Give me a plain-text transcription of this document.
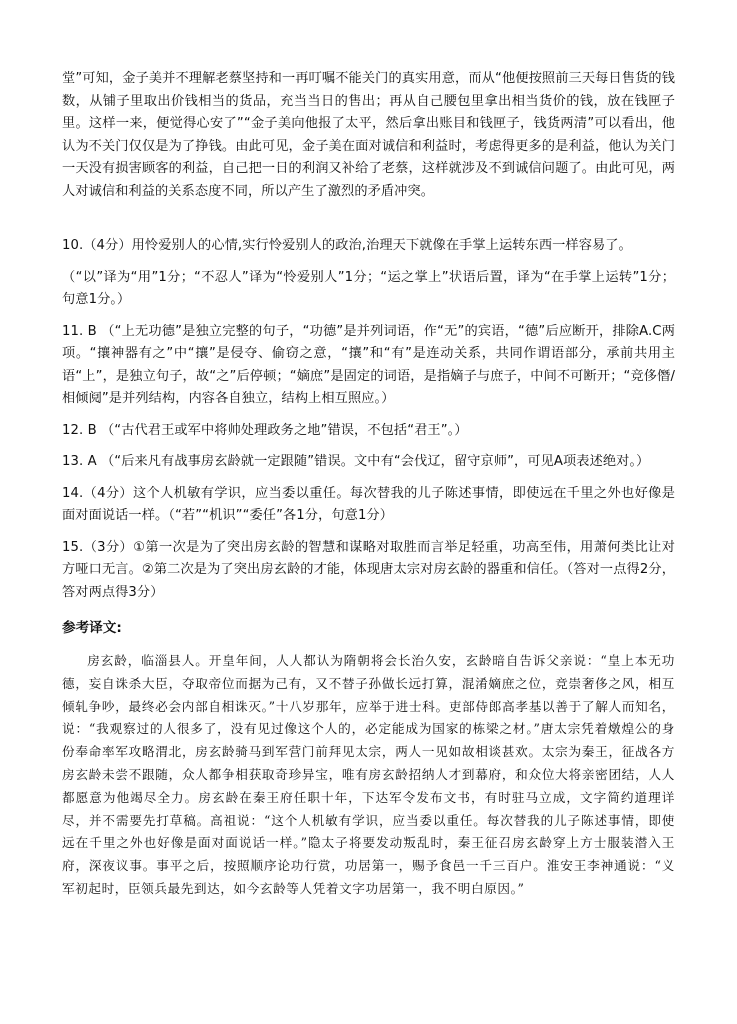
堂”可知，金子美并不理解老蔡坚持和一再叮嘱不能关门的真实用意，而从“他便按照前三天每日售货的钱数，从铺子里取出价钱相当的货品，充当当日的售出；再从自己腰包里拿出相当货价的钱，放在钱匣子里。这样一来，便觉得心安了”“金子美向他报了太平，然后拿出账目和钱匣子，钱货两清”可以看出，他认为不关门仅仅是为了挣钱。由此可见，金子美在面对诚信和利益时，考虑得更多的是利益，他认为关门一天没有损害顾客的利益，自己把一日的利润又补给了老蔡，这样就涉及不到诚信问题了。由此可见，两人对诚信和利益的关系态度不同，所以产生了激烈的矛盾冲突。

10.（4分）用怜爱别人的心情,实行怜爱别人的政治,治理天下就像在手掌上运转东西一样容易了。

（“以”译为“用”1分；“不忍人”译为“怜爱别人”1分；“运之掌上”状语后置，译为“在手掌上运转”1分；句意1分。）

11. B （“上无功德”是独立完整的句子，“功德”是并列词语，作“无”的宾语，“德”后应断开，排除A.C两项。“攘神器有之”中“攘”是侵夺、偷窃之意，“攘”和“有”是连动关系，共同作谓语部分，承前共用主语“上”，是独立句子，故“之”后停顿；“嫡庶”是固定的词语，是指嫡子与庶子，中间不可断开；“竞侈僭/相倾阋”是并列结构，内容各自独立，结构上相互照应。）

12. B （“古代君王或军中将帅处理政务之地”错误，不包括“君王”。）

13. A （“后来凡有战事房玄龄就一定跟随”错误。文中有“会伐辽，留守京师”，可见A项表述绝对。）

14.（4分）这个人机敏有学识，应当委以重任。每次替我的儿子陈述事情，即使远在千里之外也好像是面对面说话一样。（“若”“机识”“委任”各1分，句意1分）

15.（3分）①第一次是为了突出房玄龄的智慧和谋略对取胜而言举足轻重，功高至伟，用萧何类比让对方哑口无言。②第二次是为了突出房玄龄的才能，体现唐太宗对房玄龄的器重和信任。（答对一点得2分，答对两点得3分）

参考译文:

房玄龄，临淄县人。开皇年间，人人都认为隋朝将会长治久安，玄龄暗自告诉父亲说：“皇上本无功德，妄自诛杀大臣，夺取帝位而据为己有，又不替子孙做长远打算，混淆嫡庶之位，竞崇奢侈之风，相互倾轧争吵，最终必会内部自相诛灭。”十八岁那年，应举于进士科。吏部侍郎高孝基以善于了解人而知名，说：“我观察过的人很多了，没有见过像这个人的，必定能成为国家的栋梁之材。”唐太宗凭着燉煌公的身份奉命率军攻略渭北，房玄龄骑马到军营门前拜见太宗，两人一见如故相谈甚欢。太宗为秦王，征战各方房玄龄未尝不跟随，众人都争相获取奇珍异宝，唯有房玄龄招纳人才到幕府，和众位大将亲密团结，人人都愿意为他竭尽全力。房玄龄在秦王府任职十年，下达军令发布文书，有时驻马立成，文字简约道理详尽，并不需要先打草稿。高祖说：“这个人机敏有学识，应当委以重任。每次替我的儿子陈述事情，即使远在千里之外也好像是面对面说话一样。”隐太子将要发动叛乱时，秦王征召房玄龄穿上方士服装潜入王府，深夜议事。事平之后，按照顺序论功行赏，功居第一，赐予食邑一千三百户。淮安王李神通说：“义军初起时，臣领兵最先到达，如今玄龄等人凭着文字功居第一，我不明白原因。”
